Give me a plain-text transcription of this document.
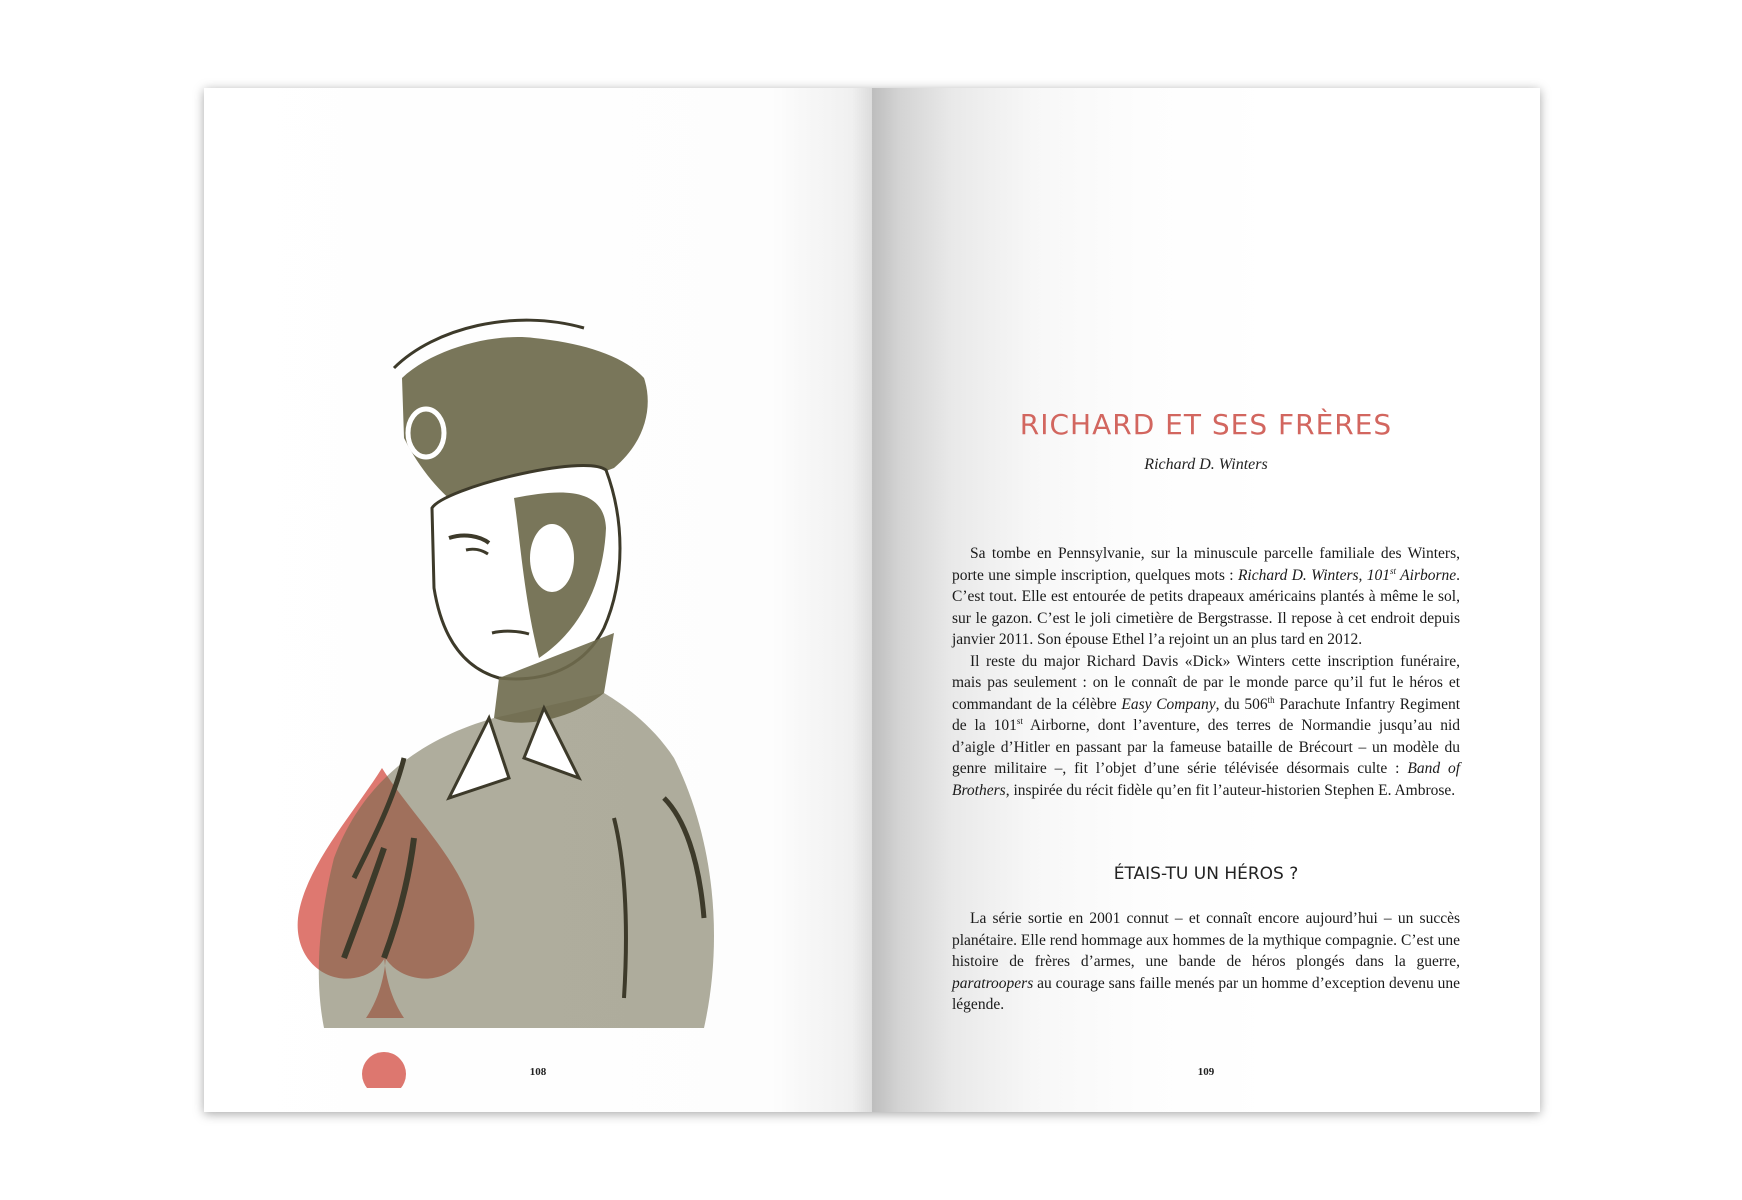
108
RICHARD ET SES FRÈRES
Richard D. Winters

Sa tombe en Pennsylvanie, sur la minuscule parcelle familiale des Winters, porte une simple inscription, quelques mots : Richard D. Winters, 101st Airborne. C’est tout. Elle est entourée de petits drapeaux américains plantés à même le sol, sur le gazon. C’est le joli cimetière de Bergstrasse. Il repose à cet endroit depuis janvier 2011. Son épouse Ethel l’a rejoint un an plus tard en 2012.

Il reste du major Richard Davis «Dick» Winters cette inscription funéraire, mais pas seulement : on le connaît de par le monde parce qu’il fut le héros et commandant de la célèbre Easy Company, du 506th Parachute Infantry Regiment de la 101st Airborne, dont l’aventure, des terres de Normandie jusqu’au nid d’aigle d’Hitler en passant par la fameuse bataille de Brécourt – un modèle du genre militaire –, fit l’objet d’une série télévisée désormais culte : Band of Brothers, inspirée du récit fidèle qu’en fit l’auteur-historien Stephen E. Ambrose.

ÉTAIS-TU UN HÉROS ?

La série sortie en 2001 connut – et connaît encore aujourd’hui – un succès planétaire. Elle rend hommage aux hommes de la mythique compagnie. C’est une histoire de frères d’armes, une bande de héros plongés dans la guerre, paratroopers au courage sans faille menés par un homme d’exception devenu une légende.

109
